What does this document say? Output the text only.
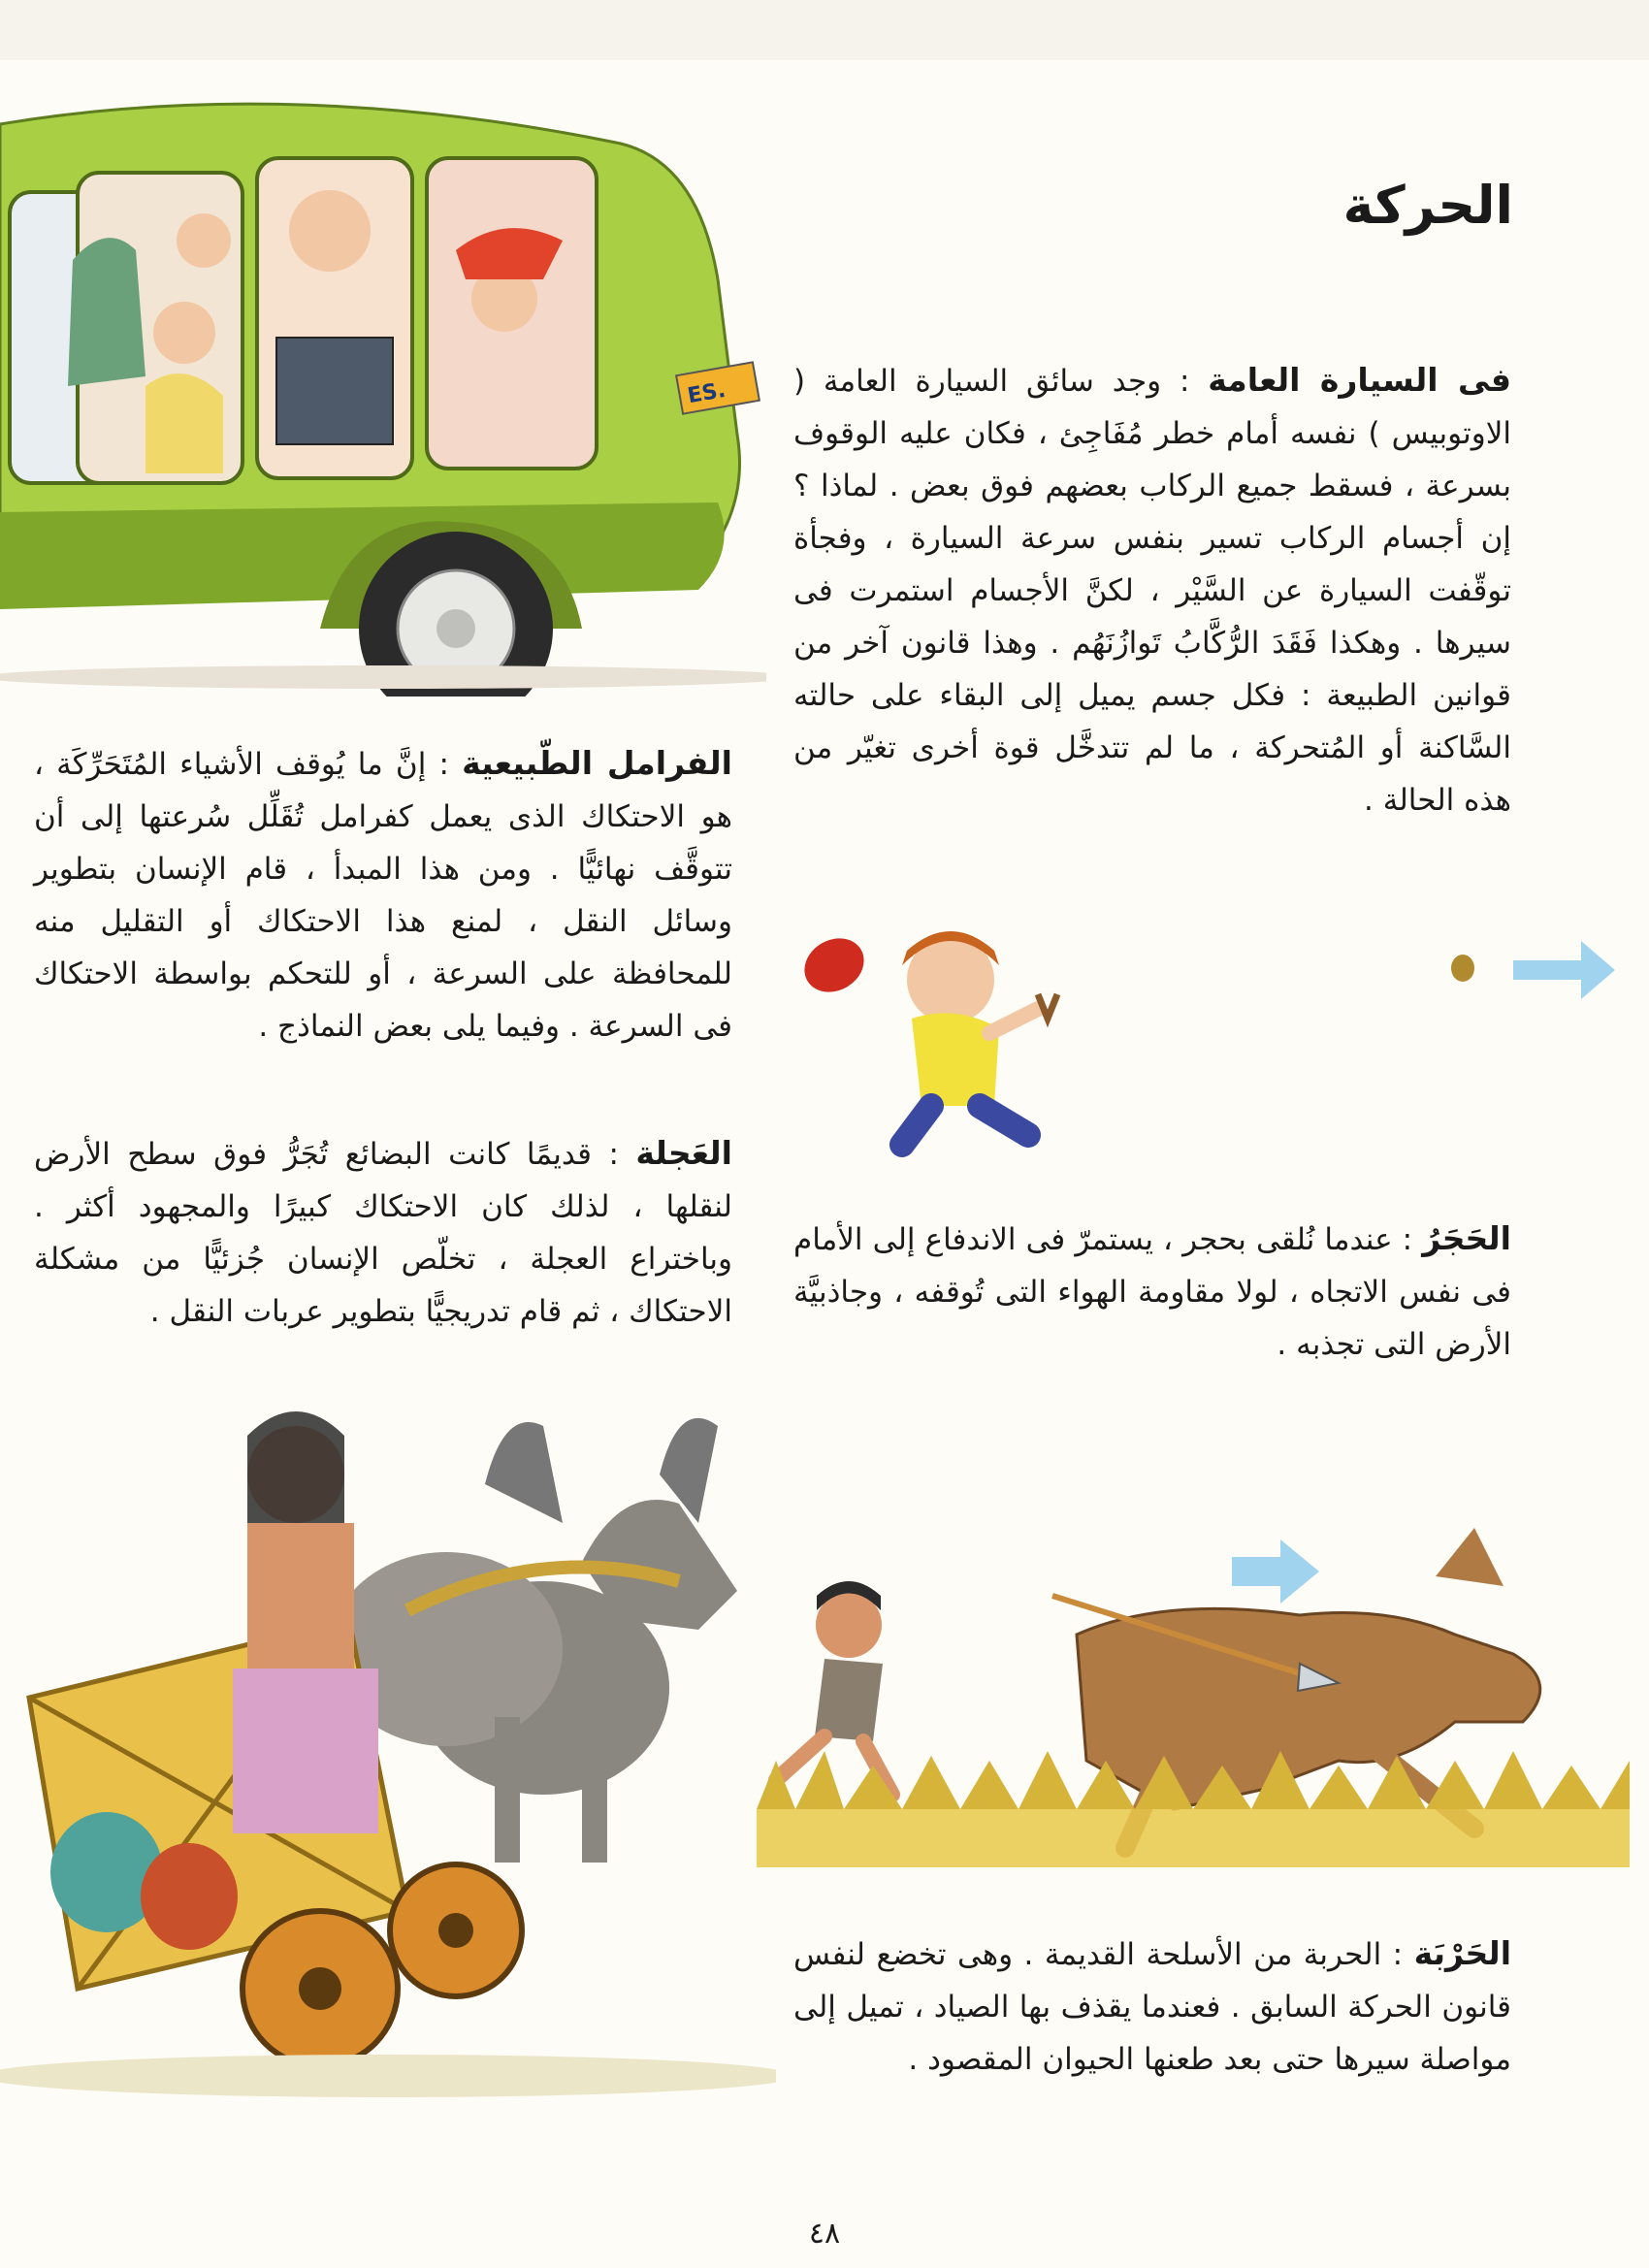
الحركة
ES.	فى السيارة العامة : وجد سائق السيارة العامة ( الاوتوبيس ) نفسه أمام خطر مُفَاجِئ ، فكان عليه الوقوف بسرعة ، فسقط جميع الركاب بعضهم فوق بعض . لماذا ؟ إن أجسام الركاب تسير بنفس سرعة السيارة ، وفجأة توقّفت السيارة عن السَّيْر ، لكنَّ الأجسام استمرت فى سيرها . وهكذا فَقَدَ الرُّكَّابُ تَوازُنَهُم . وهذا قانون آخر من قوانين الطبيعة : فكل جسم يميل إلى البقاء على حالته السَّاكنة أو المُتحركة ، ما لم تتدخَّل قوة أخرى تغيّر من هذه الحالة .

الفرامل الطّبيعية : إنَّ ما يُوقف الأشياء المُتَحَرِّكَة ، هو الاحتكاك الذى يعمل كفرامل تُقَلِّل سُرعتها إلى أن تتوقَّف نهائيًّا . ومن هذا المبدأ ، قام الإنسان بتطوير وسائل النقل ، لمنع هذا الاحتكاك أو التقليل منه للمحافظة على السرعة ، أو للتحكم بواسطة الاحتكاك فى السرعة . وفيما يلى بعض النماذج .

العَجلة : قديمًا كانت البضائع تُجَرُّ فوق سطح الأرض لنقلها ، لذلك كان الاحتكاك كبيرًا والمجهود أكثر . وباختراع العجلة ، تخلّص الإنسان جُزئيًّا من مشكلة الاحتكاك ، ثم قام تدريجيًّا بتطوير عربات النقل .

الحَجَرُ : عندما نُلقى بحجر ، يستمرّ فى الاندفاع إلى الأمام فى نفس الاتجاه ، لولا مقاومة الهواء التى تُوقفه ، وجاذبيَّة الأرض التى تجذبه .

الحَرْبَة : الحربة من الأسلحة القديمة . وهى تخضع لنفس قانون الحركة السابق . فعندما يقذف بها الصياد ، تميل إلى مواصلة سيرها حتى بعد طعنها الحيوان المقصود .

٤٨
